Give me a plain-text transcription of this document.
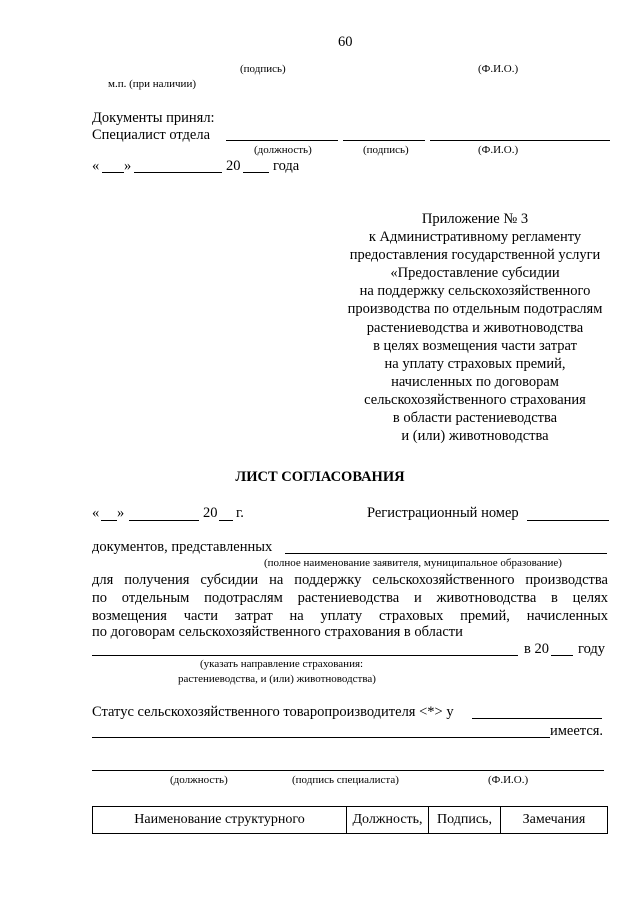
60
(подпись)	(Ф.И.О.)
м.п. (при наличии)
Документы принял:
Специалист отдела
(должность)	(подпись)	(Ф.И.О.)
« »	20 года
Приложение № 3
к Административному регламенту
предоставления государственной услуги
«Предоставление субсидии
на поддержку сельскохозяйственного
производства по отдельным подотраслям
растениеводства и животноводства
в целях возмещения части затрат
на уплату страховых премий,
начисленных по договорам
сельскохозяйственного страхования
в области растениеводства
и (или) животноводства
ЛИСТ СОГЛАСОВАНИЯ
« »	20 г.	Регистрационный номер
документов, представленных
(полное наименование заявителя, муниципальное образование)
для получения субсидии на поддержку сельскохозяйственного производства
по отдельным подотраслям растениеводства и животноводства в целях
возмещения части затрат на уплату страховых премий, начисленных
по договорам сельскохозяйственного страхования в области
в 20 году
(указать направление страхования:
растениеводства, и (или) животноводства)
Статус сельскохозяйственного товаропроизводителя <*> у
имеется.
(должность)	(подпись специалиста)	(Ф.И.О.)
Наименование структурного	Должность,	Подпись,	Замечания
